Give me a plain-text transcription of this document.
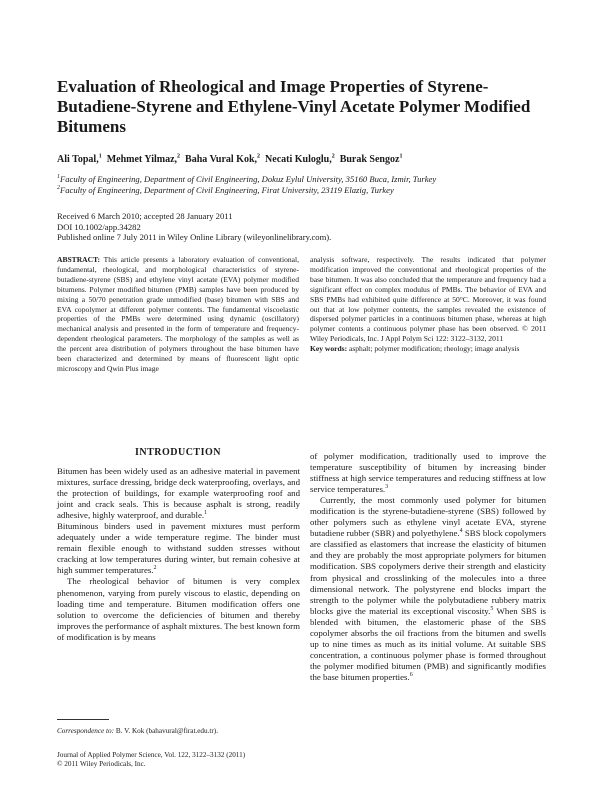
Evaluation of Rheological and Image Properties of Styrene-Butadiene-Styrene and Ethylene-Vinyl Acetate Polymer Modified Bitumens
Ali Topal,$^1$ Mehmet Yilmaz,$^2$ Baha Vural Kok,$^2$ Necati Kuloglu,$^2$ Burak Sengoz$^1$
$^1$Faculty of Engineering, Department of Civil Engineering, Dokuz Eylul University, 35160 Buca, Izmir, Turkey
$^2$Faculty of Engineering, Department of Civil Engineering, Firat University, 23119 Elazig, Turkey
Received 6 March 2010; accepted 28 January 2011
DOI 10.1002/app.34282
Published online 7 July 2011 in Wiley Online Library (wileyonlinelibrary.com).

ABSTRACT: This article presents a laboratory evaluation of conventional, fundamental, rheological, and morphological characteristics of styrene-butadiene-styrene (SBS) and ethylene vinyl acetate (EVA) polymer modified bitumens. Polymer modified bitumen (PMB) samples have been produced by mixing a 50/70 penetration grade unmodified (base) bitumen with SBS and EVA copolymer at different polymer contents. The fundamental viscoelastic properties of the PMBs were determined using dynamic (oscillatory) mechanical analysis and presented in the form of temperature and frequency-dependent rheological parameters. The morphology of the samples as well as the percent area distribution of polymers throughout the base bitumen have been characterized and determined by means of fluorescent light optic microscopy and Qwin Plus image

analysis software, respectively. The results indicated that polymer modification improved the conventional and rheological properties of the base bitumen. It was also concluded that the temperature and frequency had a significant effect on complex modulus of PMBs. The behavior of EVA and SBS PMBs had exhibited quite difference at 50°C. Moreover, it was found out that at low polymer contents, the samples revealed the existence of dispersed polymer particles in a continuous bitumen phase, whereas at high polymer contents a continuous polymer phase has been observed. © 2011 Wiley Periodicals, Inc. J Appl Polym Sci 122: 3122–3132, 2011

Key words: asphalt; polymer modification; rheology; image analysis

INTRODUCTION

Bitumen has been widely used as an adhesive material in pavement mixtures, surface dressing, bridge deck waterproofing, overlays, and the protection of buildings, for example waterproofing roof and joint and crack seals. This is because asphalt is strong, readily adhesive, highly waterproof, and durable.$^1$

Bituminous binders used in pavement mixtures must perform adequately under a wide temperature regime. The binder must remain flexible enough to withstand sudden stresses without cracking at low temperatures during winter, but remain cohesive at high summer temperatures.$^2$

The rheological behavior of bitumen is very complex phenomenon, varying from purely viscous to elastic, depending on loading time and temperature. Bitumen modification offers one solution to overcome the deficiencies of bitumen and thereby improves the performance of asphalt mixtures. The best known form of modification is by means

of polymer modification, traditionally used to improve the temperature susceptibility of bitumen by increasing binder stiffness at high service temperatures and reducing stiffness at low service temperatures.$^3$

Currently, the most commonly used polymer for bitumen modification is the styrene-butadiene-styrene (SBS) followed by other polymers such as ethylene vinyl acetate EVA, styrene butadiene rubber (SBR) and polyethylene.$^4$ SBS block copolymers are classified as elastomers that increase the elasticity of bitumen and they are probably the most appropriate polymers for bitumen modification. SBS copolymers derive their strength and elasticity from physical and crosslinking of the molecules into a three dimensional network. The polystyrene end blocks impart the strength to the polymer while the polybutadiene rubbery matrix blocks give the material its exceptional viscosity.$^5$ When SBS is blended with bitumen, the elastomeric phase of the SBS copolymer absorbs the oil fractions from the bitumen and swells up to nine times as much as its initial volume. At suitable SBS concentration, a continuous polymer phase is formed throughout the polymer modified bitumen (PMB) and significantly modifies the base bitumen properties.$^6$

Correspondence to: B. V. Kok (bahavural@firat.edu.tr).
Journal of Applied Polymer Science, Vol. 122, 3122–3132 (2011)
© 2011 Wiley Periodicals, Inc.
